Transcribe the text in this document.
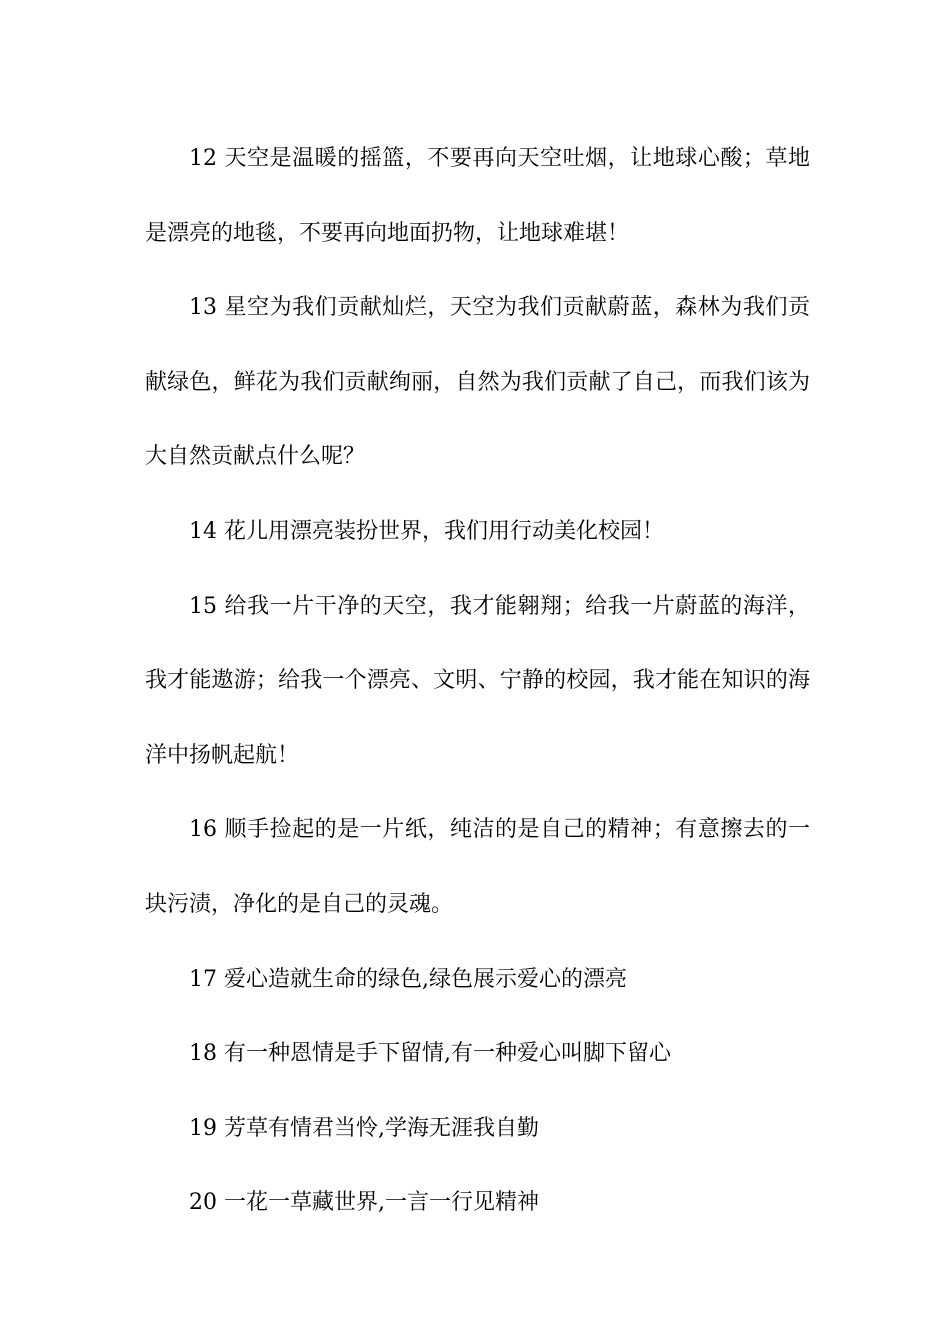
12 天空是温暖的摇篮，不要再向天空吐烟，让地球心酸；草地是漂亮的地毯，不要再向地面扔物，让地球难堪！

13 星空为我们贡献灿烂，天空为我们贡献蔚蓝，森林为我们贡献绿色，鲜花为我们贡献绚丽，自然为我们贡献了自己，而我们该为大自然贡献点什么呢？

14 花儿用漂亮装扮世界，我们用行动美化校园！

15 给我一片干净的天空，我才能翱翔；给我一片蔚蓝的海洋，我才能遨游；给我一个漂亮、文明、宁静的校园，我才能在知识的海洋中扬帆起航！

16 顺手捡起的是一片纸，纯洁的是自己的精神；有意擦去的一块污渍，净化的是自己的灵魂。

17 爱心造就生命的绿色,绿色展示爱心的漂亮

18 有一种恩情是手下留情,有一种爱心叫脚下留心

19 芳草有情君当怜,学海无涯我自勤

20 一花一草藏世界,一言一行见精神
